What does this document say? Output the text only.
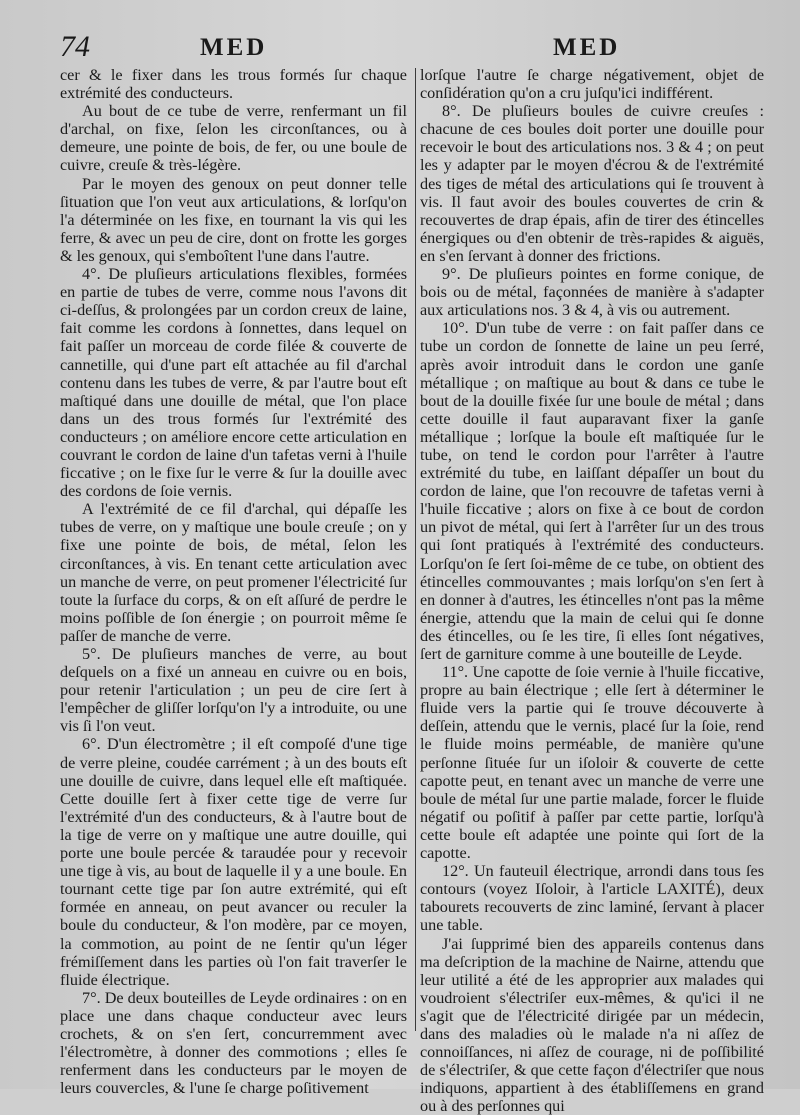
74	MED	MED

cer & le fixer dans les trous formés ſur chaque extrémité des conducteurs.

Au bout de ce tube de verre, renfermant un fil d'archal, on fixe, ſelon les circonſtances, ou à demeure, une pointe de bois, de fer, ou une boule de cuivre, creuſe & très-légère.

Par le moyen des genoux on peut donner telle ſituation que l'on veut aux articulations, & lorſqu'on l'a déterminée on les fixe, en tournant la vis qui les ferre, & avec un peu de cire, dont on frotte les gorges & les genoux, qui s'emboîtent l'une dans l'autre.

4°. De pluſieurs articulations flexibles, formées en partie de tubes de verre, comme nous l'avons dit ci-deſſus, & prolongées par un cordon creux de laine, fait comme les cordons à ſonnettes, dans lequel on fait paſſer un morceau de corde filée & couverte de cannetille, qui d'une part eſt attachée au fil d'archal contenu dans les tubes de verre, & par l'autre bout eſt maſtiqué dans une douille de métal, que l'on place dans un des trous formés ſur l'extrémité des conducteurs ; on améliore encore cette articulation en couvrant le cordon de laine d'un tafetas verni à l'huile ficcative ; on le fixe ſur le verre & ſur la douille avec des cordons de ſoie vernis.

A l'extrémité de ce fil d'archal, qui dépaſſe les tubes de verre, on y maſtique une boule creuſe ; on y fixe une pointe de bois, de métal, ſelon les circonſtances, à vis. En tenant cette articulation avec un manche de verre, on peut promener l'électricité ſur toute la ſurface du corps, & on eſt aſſuré de perdre le moins poſſible de ſon énergie ; on pourroit même ſe paſſer de manche de verre.

5°. De pluſieurs manches de verre, au bout deſquels on a fixé un anneau en cuivre ou en bois, pour retenir l'articulation ; un peu de cire ſert à l'empêcher de gliſſer lorſqu'on l'y a introduite, ou une vis ſi l'on veut.

6°. D'un électromètre ; il eſt compoſé d'une tige de verre pleine, coudée carrément ; à un des bouts eſt une douille de cuivre, dans lequel elle eſt maſtiquée. Cette douille ſert à fixer cette tige de verre ſur l'extrémité d'un des conducteurs, & à l'autre bout de la tige de verre on y maſtique une autre douille, qui porte une boule percée & taraudée pour y recevoir une tige à vis, au bout de laquelle il y a une boule. En tournant cette tige par ſon autre extrémité, qui eſt formée en anneau, on peut avancer ou reculer la boule du conducteur, & l'on modère, par ce moyen, la commotion, au point de ne ſentir qu'un léger frémiſſement dans les parties où l'on fait traverſer le fluide électrique.

7°. De deux bouteilles de Leyde ordinaires : on en place une dans chaque conducteur avec leurs crochets, & on s'en ſert, concurremment avec l'électromètre, à donner des commotions ; elles ſe renferment dans les conducteurs par le moyen de leurs couvercles, & l'une ſe charge poſitivement

lorſque l'autre ſe charge négativement, objet de conſidération qu'on a cru juſqu'ici indifférent.

8°. De pluſieurs boules de cuivre creuſes : chacune de ces boules doit porter une douille pour recevoir le bout des articulations nos. 3 & 4 ; on peut les y adapter par le moyen d'écrou & de l'extrémité des tiges de métal des articulations qui ſe trouvent à vis. Il faut avoir des boules couvertes de crin & recouvertes de drap épais, afin de tirer des étincelles énergiques ou d'en obtenir de très-rapides & aiguës, en s'en ſervant à donner des frictions.

9°. De pluſieurs pointes en forme conique, de bois ou de métal, façonnées de manière à s'adapter aux articulations nos. 3 & 4, à vis ou autrement.

10°. D'un tube de verre : on fait paſſer dans ce tube un cordon de ſonnette de laine un peu ſerré, après avoir introduit dans le cordon une ganſe métallique ; on maſtique au bout & dans ce tube le bout de la douille fixée ſur une boule de métal ; dans cette douille il faut auparavant fixer la ganſe métallique ; lorſque la boule eſt maſtiquée ſur le tube, on tend le cordon pour l'arrêter à l'autre extrémité du tube, en laiſſant dépaſſer un bout du cordon de laine, que l'on recouvre de tafetas verni à l'huile ficcative ; alors on fixe à ce bout de cordon un pivot de métal, qui ſert à l'arrêter ſur un des trous qui ſont pratiqués à l'extrémité des conducteurs. Lorſqu'on ſe ſert ſoi-même de ce tube, on obtient des étincelles commouvantes ; mais lorſqu'on s'en ſert à en donner à d'autres, les étincelles n'ont pas la même énergie, attendu que la main de celui qui ſe donne des étincelles, ou ſe les tire, ſi elles ſont négatives, ſert de garniture comme à une bouteille de Leyde.

11°. Une capotte de ſoie vernie à l'huile ficcative, propre au bain électrique ; elle ſert à déterminer le fluide vers la partie qui ſe trouve découverte à deſſein, attendu que le vernis, placé ſur la ſoie, rend le fluide moins perméable, de manière qu'une perſonne ſituée ſur un iſoloir & couverte de cette capotte peut, en tenant avec un manche de verre une boule de métal ſur une partie malade, forcer le fluide négatif ou poſitif à paſſer par cette partie, lorſqu'à cette boule eſt adaptée une pointe qui ſort de la capotte.

12°. Un fauteuil électrique, arrondi dans tous ſes contours (voyez Iſoloir, à l'article LAXITÉ), deux tabourets recouverts de zinc laminé, ſervant à placer une table.

J'ai ſupprimé bien des appareils contenus dans ma deſcription de la machine de Nairne, attendu que leur utilité a été de les approprier aux malades qui voudroient s'électriſer eux-mêmes, & qu'ici il ne s'agit que de l'électricité dirigée par un médecin, dans des maladies où le malade n'a ni aſſez de connoiſſances, ni aſſez de courage, ni de poſſibilité de s'électriſer, & que cette façon d'électriſer que nous indiquons, appartient à des établiſſemens en grand ou à des perſonnes qui
